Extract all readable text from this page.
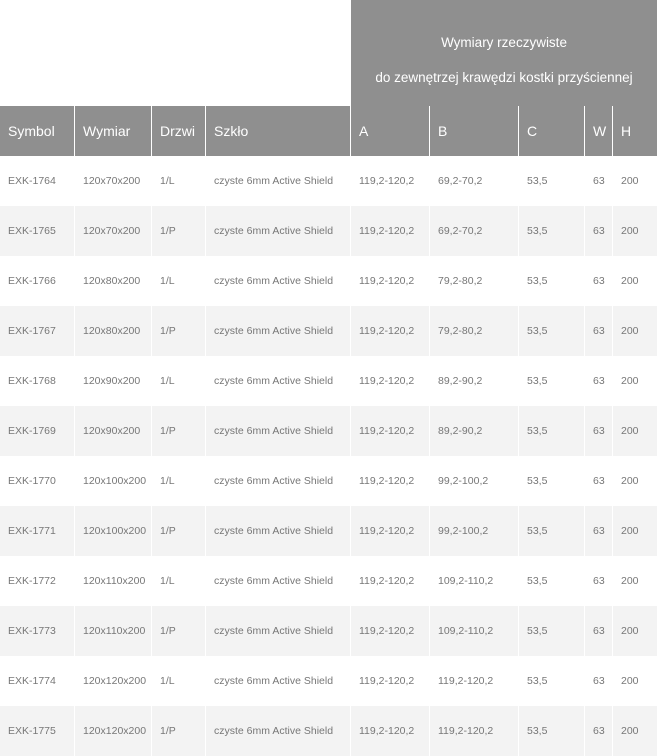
				Wymiary rzeczywiste				
				do zewnętrzej krawędzi kostki przyściennej				
Symbol	Wymiar	Drzwi	Szkło	A	B	C	W	H
EXK-1764	120x70x200	1/L	czyste 6mm Active Shield	119,2-120,2	69,2-70,2	53,5	63	200
EXK-1765	120x70x200	1/P	czyste 6mm Active Shield	119,2-120,2	69,2-70,2	53,5	63	200
EXK-1766	120x80x200	1/L	czyste 6mm Active Shield	119,2-120,2	79,2-80,2	53,5	63	200
EXK-1767	120x80x200	1/P	czyste 6mm Active Shield	119,2-120,2	79,2-80,2	53,5	63	200
EXK-1768	120x90x200	1/L	czyste 6mm Active Shield	119,2-120,2	89,2-90,2	53,5	63	200
EXK-1769	120x90x200	1/P	czyste 6mm Active Shield	119,2-120,2	89,2-90,2	53,5	63	200
EXK-1770	120x100x200	1/L	czyste 6mm Active Shield	119,2-120,2	99,2-100,2	53,5	63	200
EXK-1771	120x100x200	1/P	czyste 6mm Active Shield	119,2-120,2	99,2-100,2	53,5	63	200
EXK-1772	120x110x200	1/L	czyste 6mm Active Shield	119,2-120,2	109,2-110,2	53,5	63	200
EXK-1773	120x110x200	1/P	czyste 6mm Active Shield	119,2-120,2	109,2-110,2	53,5	63	200
EXK-1774	120x120x200	1/L	czyste 6mm Active Shield	119,2-120,2	119,2-120,2	53,5	63	200
EXK-1775	120x120x200	1/P	czyste 6mm Active Shield	119,2-120,2	119,2-120,2	53,5	63	200
